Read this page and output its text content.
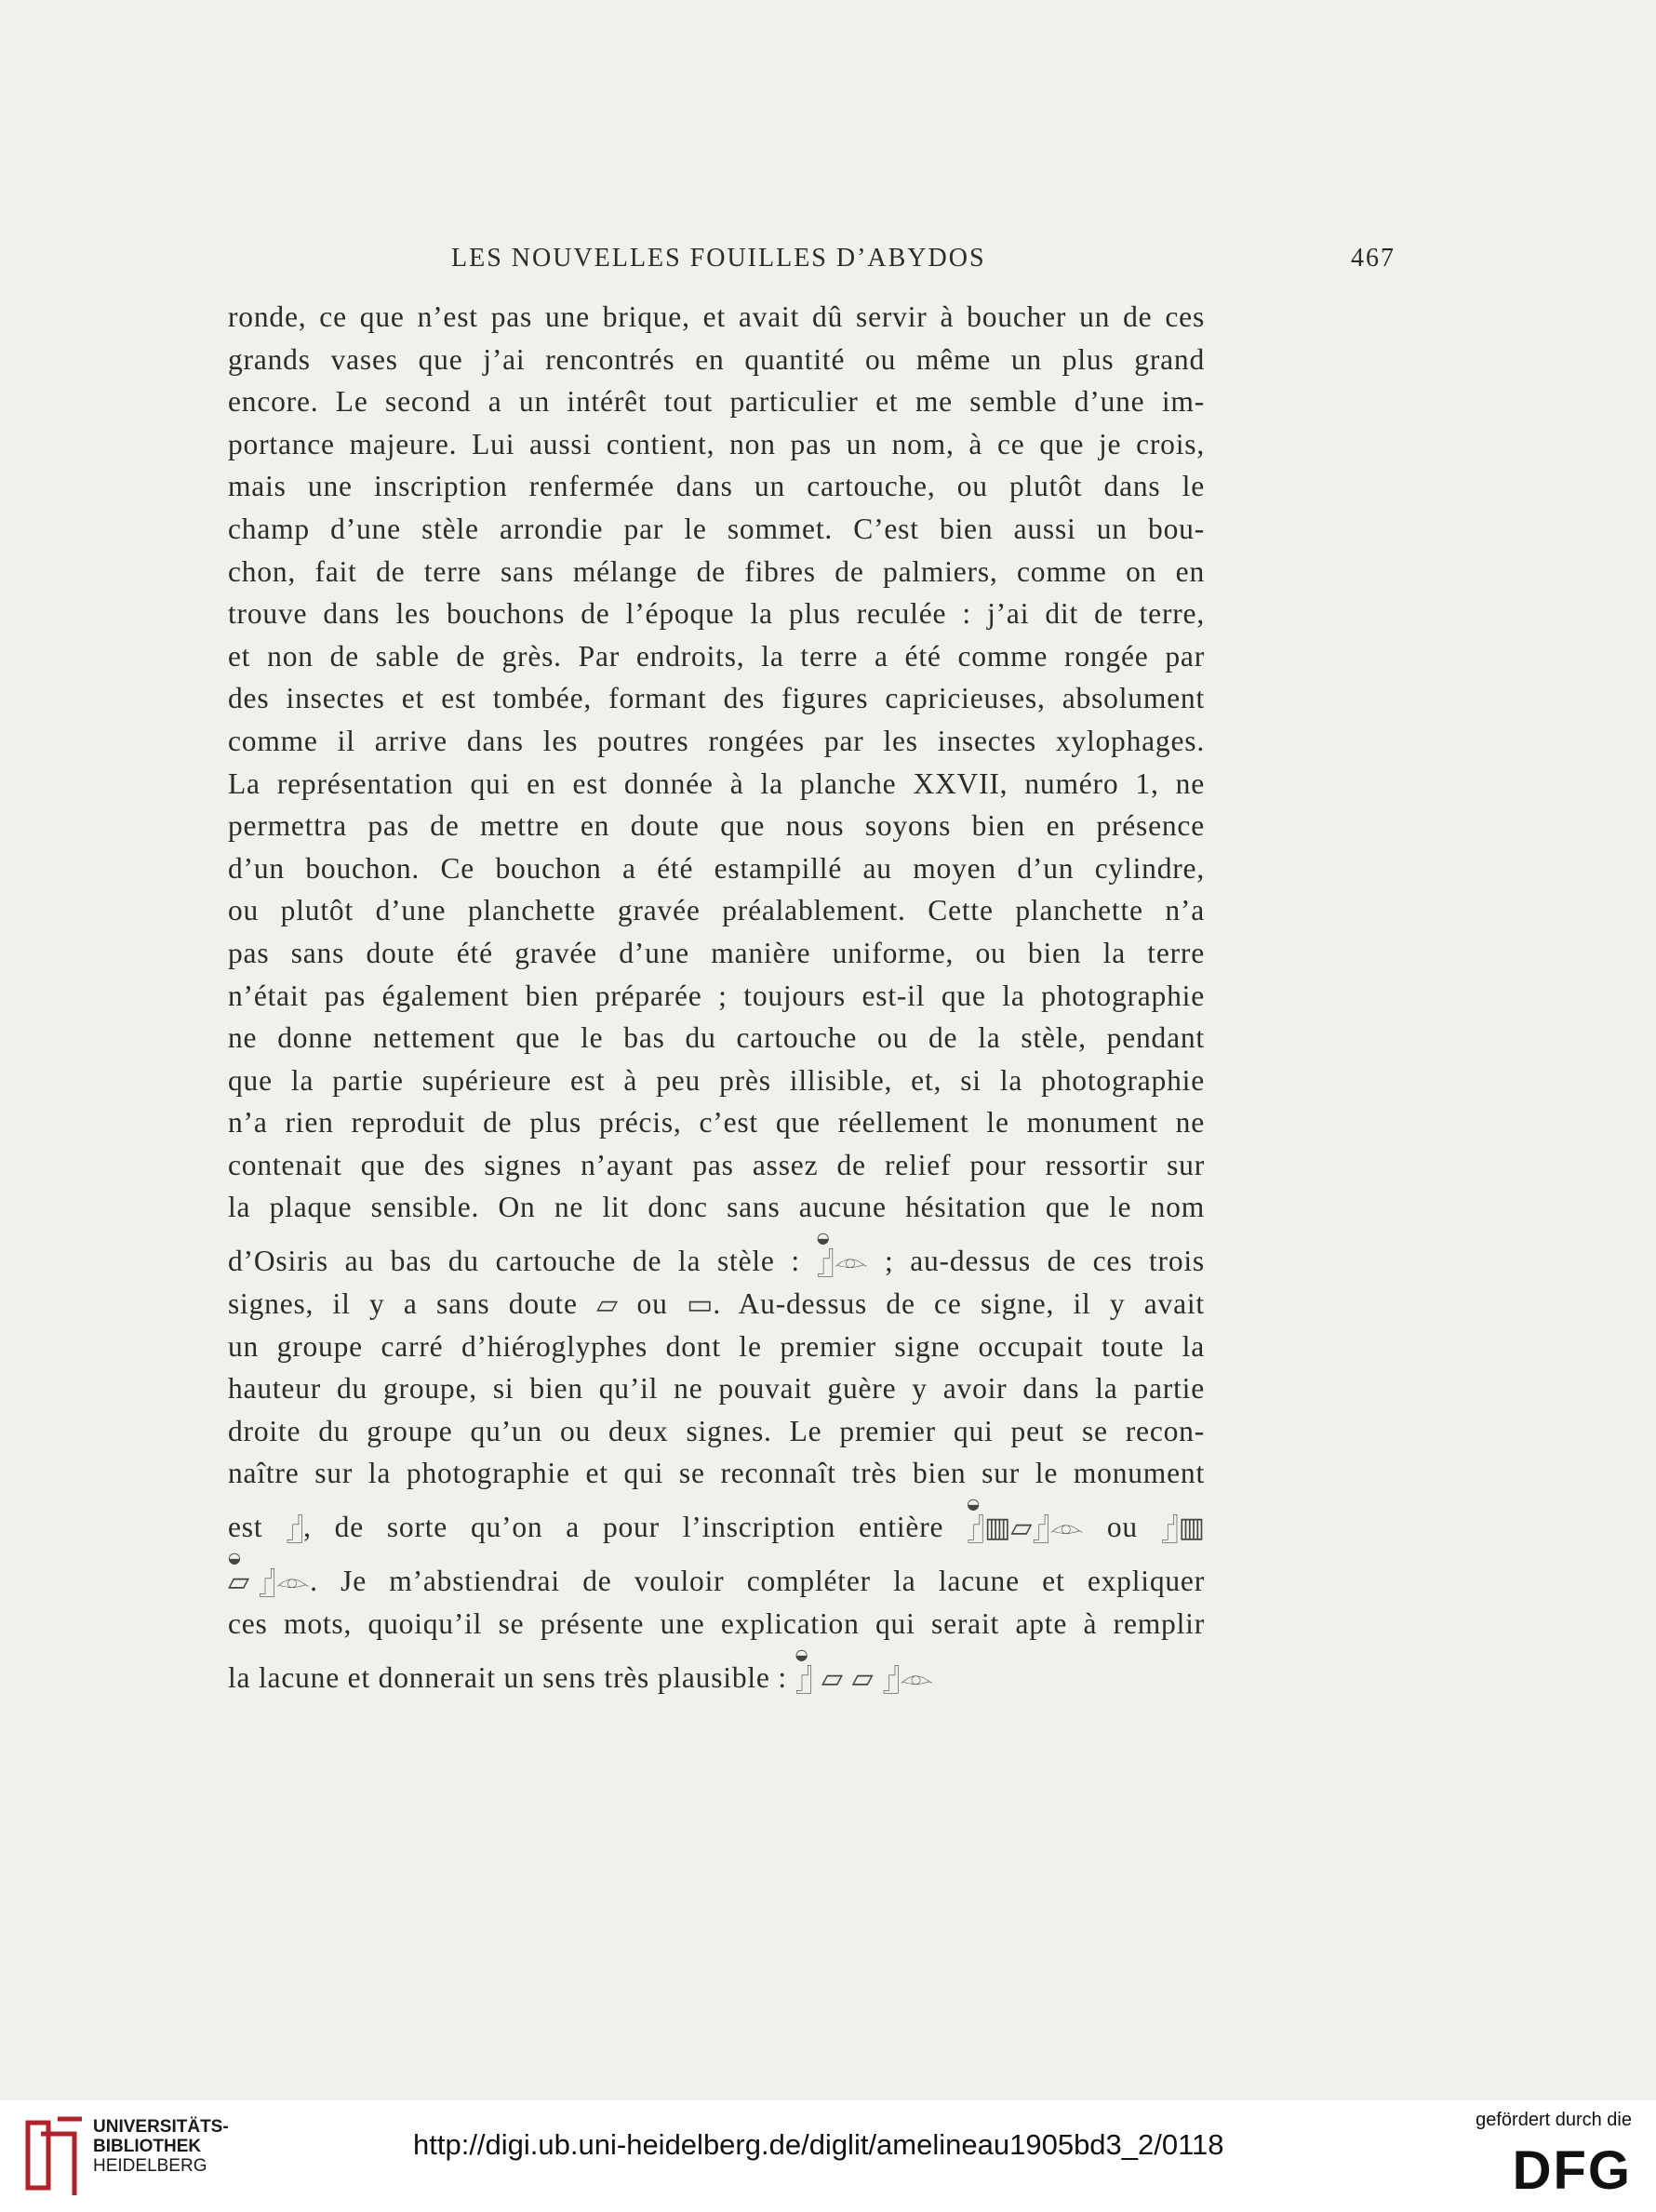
LES NOUVELLES FOUILLES D’ABYDOS	467
ronde, ce que n’est pas une brique, et avait dû servir à boucher un de ces
grands vases que j’ai rencontrés en quantité ou même un plus grand
encore. Le second a un intérêt tout particulier et me semble d’une im-
portance majeure. Lui aussi contient, non pas un nom, à ce que je crois,
mais une inscription renfermée dans un cartouche, ou plutôt dans le
champ d’une stèle arrondie par le sommet. C’est bien aussi un bou-
chon, fait de terre sans mélange de fibres de palmiers, comme on en
trouve dans les bouchons de l’époque la plus reculée : j’ai dit de terre,
et non de sable de grès. Par endroits, la terre a été comme rongée par
des insectes et est tombée, formant des figures capricieuses, absolument
comme il arrive dans les poutres rongées par les insectes xylophages.
La représentation qui en est donnée à la planche XXVII, numéro 1, ne
permettra pas de mettre en doute que nous soyons bien en présence
d’un bouchon. Ce bouchon a été estampillé au moyen d’un cylindre,
ou plutôt d’une planchette gravée préalablement. Cette planchette n’a
pas sans doute été gravée d’une manière uniforme, ou bien la terre
n’était pas également bien préparée ; toujours est-il que la photographie
ne donne nettement que le bas du cartouche ou de la stèle, pendant
que la partie supérieure est à peu près illisible, et, si la photographie
n’a rien reproduit de plus précis, c’est que réellement le monument ne
contenait que des signes n’ayant pas assez de relief pour ressortir sur
la plaque sensible. On ne lit donc sans aucune hésitation que le nom
d’Osiris au bas du cartouche de la stèle :
◒
𓊨𓁹 ; au-dessus de ces trois
signes, il y a sans doute ⏥ ou ▭. Au-dessus de ce signe, il y avait
un groupe carré d’hiéroglyphes dont le premier signe occupait toute la
hauteur du groupe, si bien qu’il ne pouvait guère y avoir dans la partie
droite du groupe qu’un ou deux signes. Le premier qui peut se recon-
naître sur la photographie et qui se reconnaît très bien sur le monument
est 𓊨, de sorte qu’on a pour l’inscription entière
◒
𓊨▥⏥𓊨𓁹 ou 𓊨▥
◒
⏥ 𓊨𓁹. Je m’abstiendrai de vouloir compléter la lacune et expliquer
ces mots, quoiqu’il se présente une explication qui serait apte à remplir
la lacune et donnerait un sens très plausible :
◒
𓊨 ⏥ ⏥ 𓊨𓁹
UNIVERSITÄTS-
BIBLIOTHEK
HEIDELBERG
http://digi.ub.uni-heidelberg.de/diglit/amelineau1905bd3_2/0118
gefördert durch die
DFG
